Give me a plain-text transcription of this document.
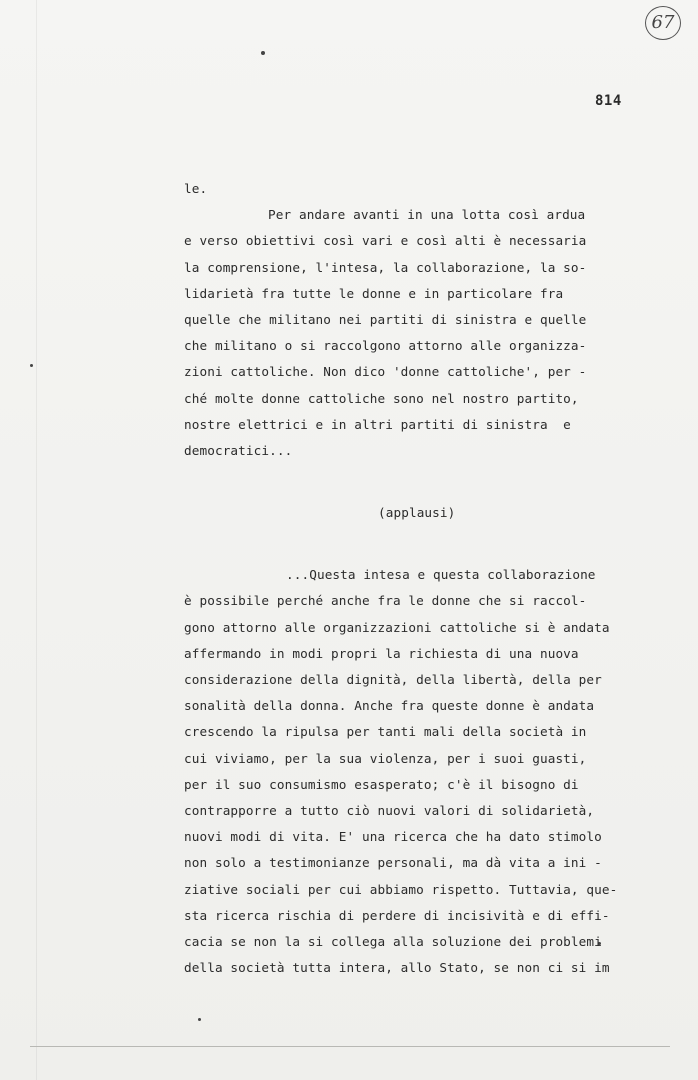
67
814
le.
Per andare avanti in una lotta così ardua
e verso obiettivi così vari e così alti è necessaria
la comprensione, l'intesa, la collaborazione, la so-
lidarietà fra tutte le donne e in particolare fra
quelle che militano nei partiti di sinistra e quelle
che militano o si raccolgono attorno alle organizza-
zioni cattoliche. Non dico 'donne cattoliche', per -
ché molte donne cattoliche sono nel nostro partito,
nostre elettrici e in altri partiti di sinistra  e
democratici...
(applausi)
...Questa intesa e questa collaborazione
è possibile perché anche fra le donne che si raccol-
gono attorno alle organizzazioni cattoliche si è andata
affermando in modi propri la richiesta di una nuova
considerazione della dignità, della libertà, della per
sonalità della donna. Anche fra queste donne è andata
crescendo la ripulsa per tanti mali della società in
cui viviamo, per la sua violenza, per i suoi guasti,
per il suo consumismo esasperato; c'è il bisogno di
contrapporre a tutto ciò nuovi valori di solidarietà,
nuovi modi di vita. E' una ricerca che ha dato stimolo
non solo a testimonianze personali, ma dà vita a ini -
ziative sociali per cui abbiamo rispetto. Tuttavia, que-
sta ricerca rischia di perdere di incisività e di effi-
cacia se non la si collega alla soluzione dei problemi
della società tutta intera, allo Stato, se non ci si im
